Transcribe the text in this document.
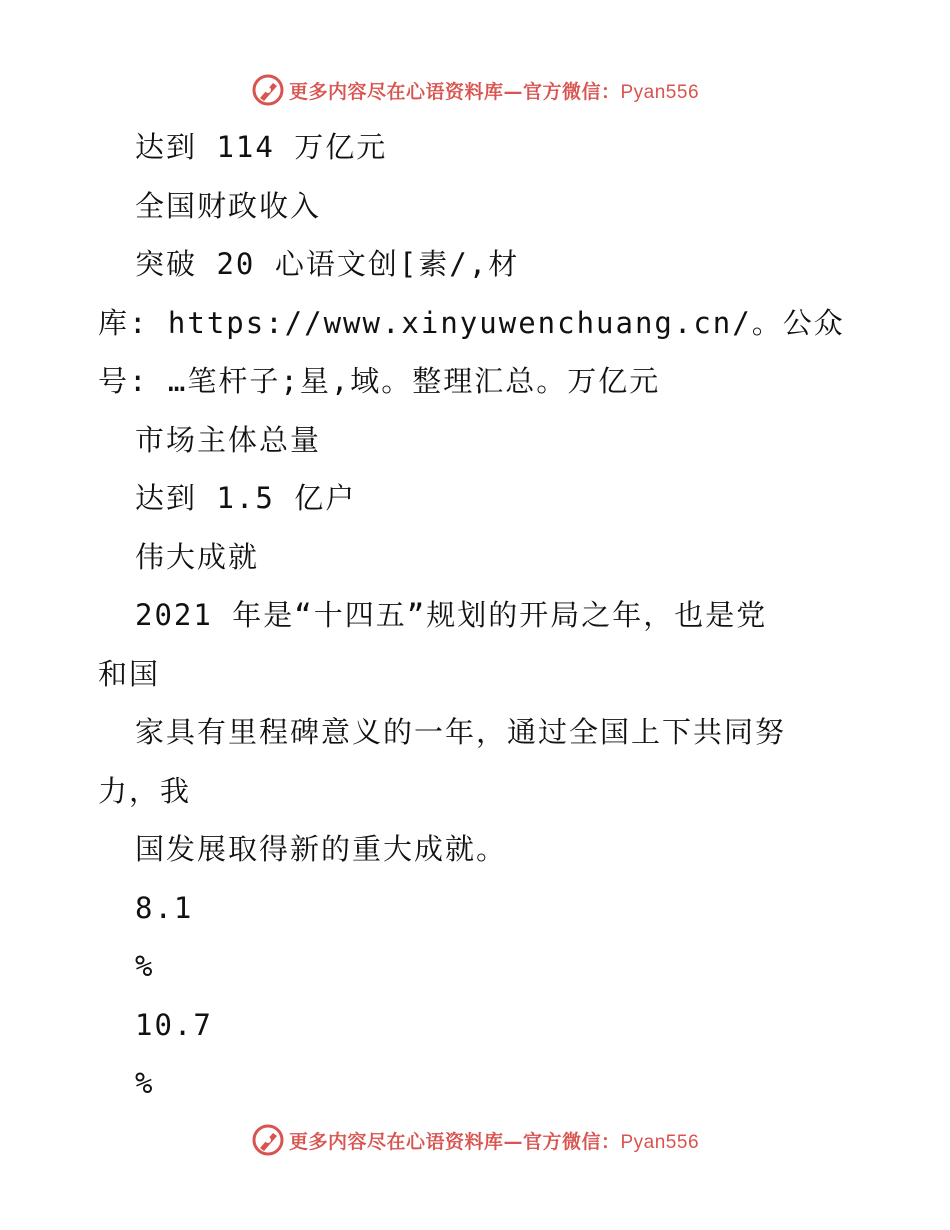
更多内容尽在心语资料库—官方微信：Pyan556
达到 114 万亿元
全国财政收入
突破 20 心语文创[素/,材
库: https://www.xinyuwenchuang.cn/。公众
号: …笔杆子;星,域。整理汇总。万亿元
市场主体总量
达到 1.5 亿户
伟大成就
2021 年是“十四五”规划的开局之年，也是党
和国
家具有里程碑意义的一年，通过全国上下共同努
力，我
国发展取得新的重大成就。
8.1
%
10.7
%
更多内容尽在心语资料库—官方微信：Pyan556
